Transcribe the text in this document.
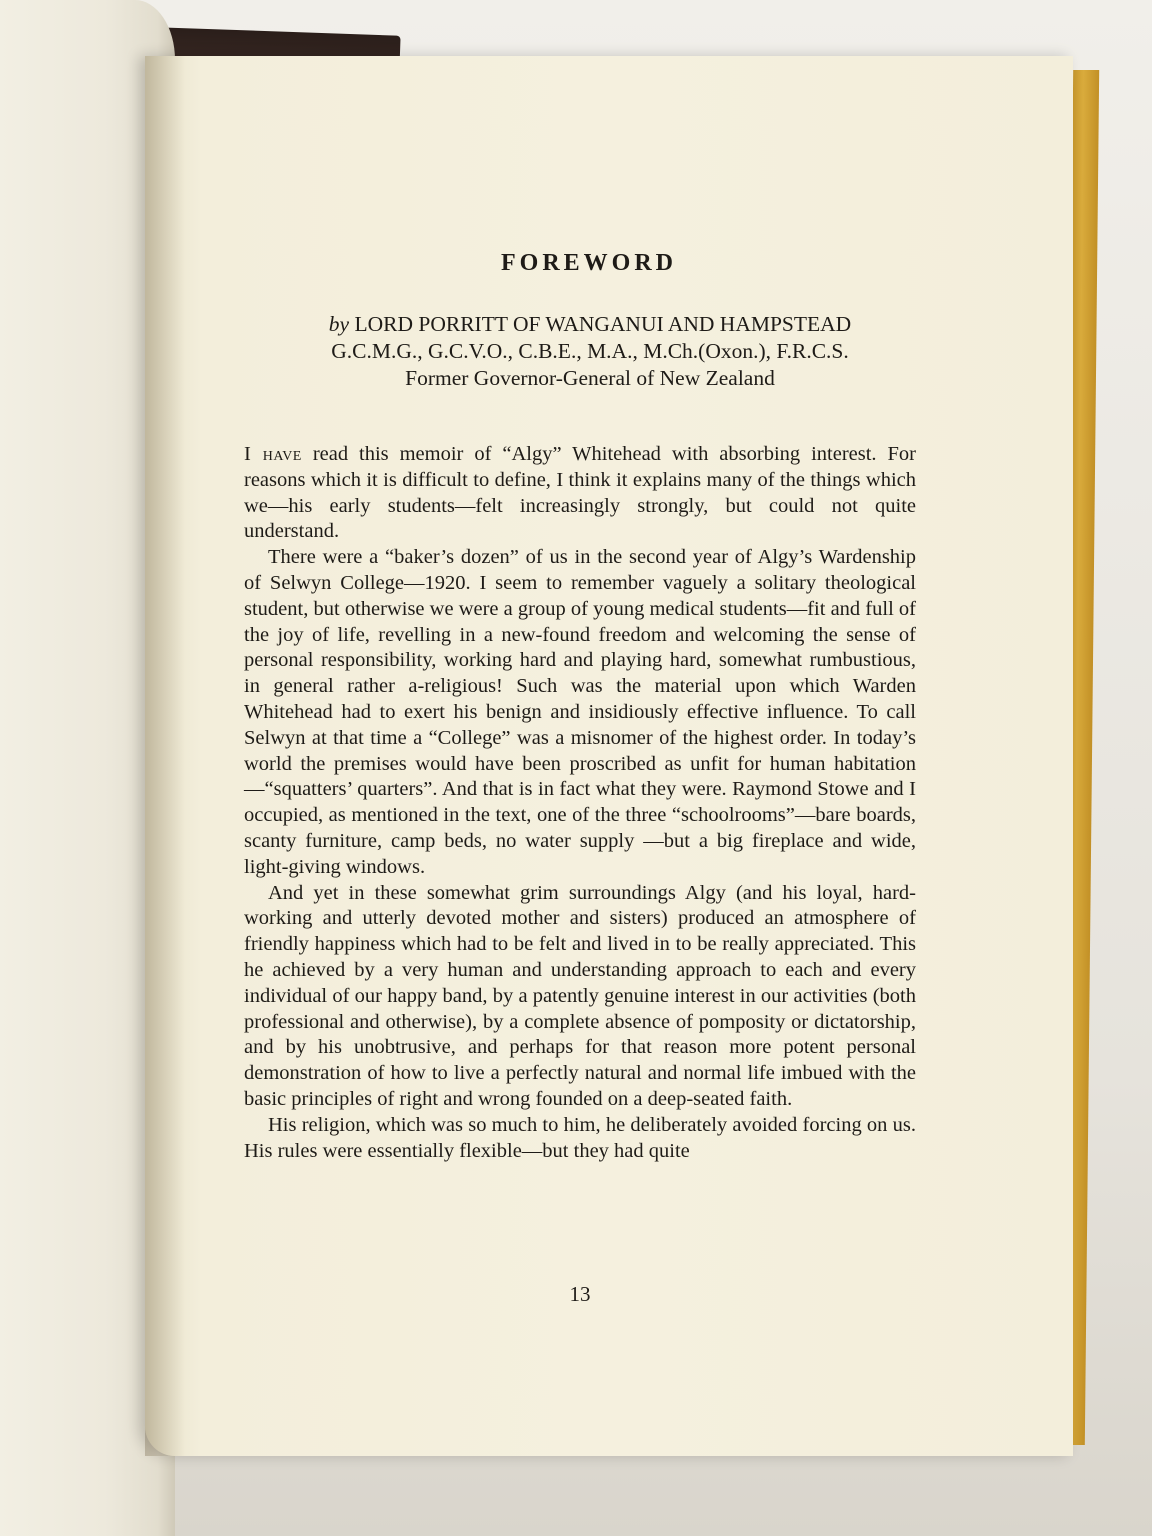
FOREWORD
by LORD PORRITT OF WANGANUI AND HAMPSTEAD
G.C.M.G., G.C.V.O., C.B.E., M.A., M.Ch.(Oxon.), F.R.C.S.
Former Governor-General of New Zealand

I have read this memoir of “Algy” Whitehead with absorbing interest. For reasons which it is difficult to define, I think it explains many of the things which we—his early students—felt increasingly strongly, but could not quite understand.

There were a “baker’s dozen” of us in the second year of Algy’s Wardenship of Selwyn College—1920. I seem to remember vaguely a solitary theological student, but otherwise we were a group of young medical students—fit and full of the joy of life, revelling in a new-found freedom and welcoming the sense of personal responsibility, working hard and playing hard, somewhat rumbustious, in general rather a-religious! Such was the material upon which Warden Whitehead had to exert his benign and insidiously effective influence. To call Selwyn at that time a “College” was a misnomer of the highest order. In today’s world the premises would have been proscribed as unfit for human habitation—“squatters’ quarters”. And that is in fact what they were. Raymond Stowe and I occupied, as mentioned in the text, one of the three “schoolrooms”—bare boards, scanty furniture, camp beds, no water supply —but a big fireplace and wide, light-giving windows.

And yet in these somewhat grim surroundings Algy (and his loyal, hard-working and utterly devoted mother and sisters) produced an atmosphere of friendly happiness which had to be felt and lived in to be really appreciated. This he achieved by a very human and understanding approach to each and every individual of our happy band, by a patently genuine interest in our activities (both professional and otherwise), by a complete absence of pomposity or dictatorship, and by his unobtrusive, and perhaps for that reason more potent personal demonstration of how to live a perfectly natural and normal life imbued with the basic principles of right and wrong founded on a deep-seated faith.

His religion, which was so much to him, he deliberately avoided forcing on us. His rules were essentially flexible—but they had quite

13
